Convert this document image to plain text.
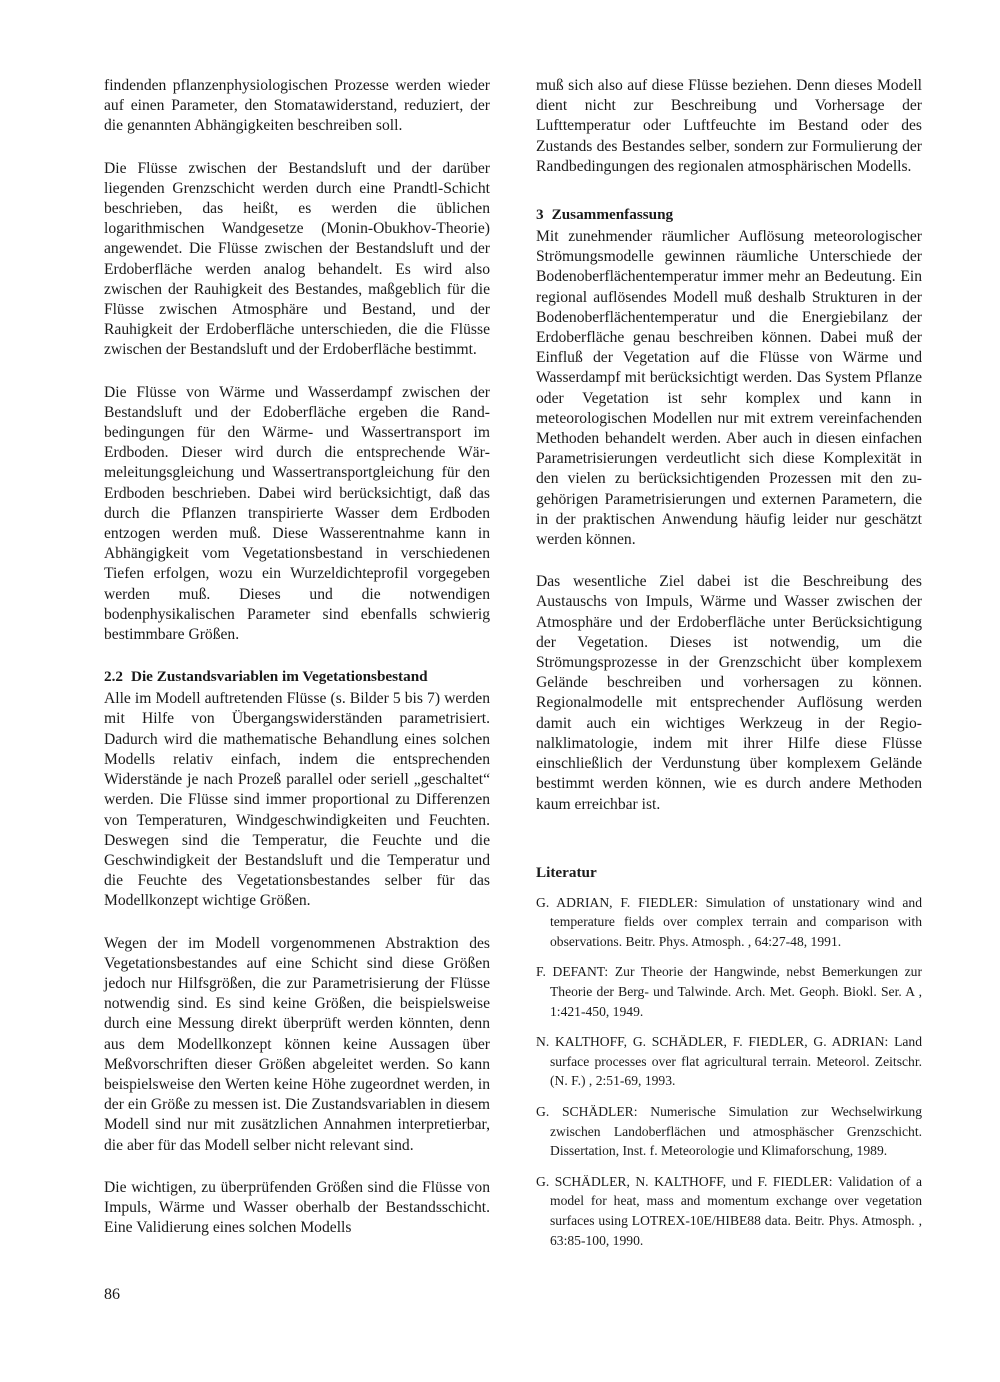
findenden pflanzenphysiologischen Prozesse werden wieder auf einen Parameter, den Stomatawiderstand, reduziert, der die genannten Abhängigkeiten beschreiben soll.

Die Flüsse zwischen der Bestandsluft und der darüber liegenden Grenzschicht werden durch eine Prandtl-Schicht beschrieben, das heißt, es werden die üblichen logarithmischen Wandgesetze (Monin-Obukhov-Theorie) angewendet. Die Flüsse zwischen der Bestandsluft und der Erdoberfläche werden analog behandelt. Es wird also zwischen der Rauhigkeit des Bestandes, maßgeblich für die Flüsse zwischen Atmosphäre und Bestand, und der Rauhigkeit der Erdoberfläche unterschieden, die die Flüsse zwischen der Bestandsluft und der Erdoberfläche bestimmt.

Die Flüsse von Wärme und Wasserdampf zwischen der Bestandsluft und der Edoberfläche ergeben die Randbedingungen für den Wärme- und Wassertransport im Erdboden. Dieser wird durch die entsprechende Wärmeleitungsgleichung und Wassertransportgleichung für den Erdboden beschrieben. Dabei wird berücksichtigt, daß das durch die Pflanzen transpirierte Wasser dem Erdboden entzogen werden muß. Diese Wasserentnahme kann in Abhängigkeit vom Vegetationsbestand in verschiedenen Tiefen erfolgen, wozu ein Wurzeldichteprofil vorgegeben werden muß. Dieses und die notwendigen bodenphysikalischen Parameter sind ebenfalls schwierig bestimmbare Größen.

2.2 Die Zustandsvariablen im Vegetationsbestand

Alle im Modell auftretenden Flüsse (s. Bilder 5 bis 7) werden mit Hilfe von Übergangswiderständen parametrisiert. Dadurch wird die mathematische Behandlung eines solchen Modells relativ einfach, indem die entsprechenden Widerstände je nach Prozeß parallel oder seriell „geschaltet“ werden. Die Flüsse sind immer proportional zu Differenzen von Temperaturen, Windgeschwindigkeiten und Feuchten. Deswegen sind die Temperatur, die Feuchte und die Geschwindigkeit der Bestandsluft und die Temperatur und die Feuchte des Vegetationsbestandes selber für das Modellkonzept wichtige Größen.

Wegen der im Modell vorgenommenen Abstraktion des Vegetationsbestandes auf eine Schicht sind diese Größen jedoch nur Hilfsgrößen, die zur Parametrisierung der Flüsse notwendig sind. Es sind keine Größen, die beispielsweise durch eine Messung direkt überprüft werden könnten, denn aus dem Modellkonzept können keine Aussagen über Meßvorschriften dieser Größen abgeleitet werden. So kann beispielsweise den Werten keine Höhe zugeordnet werden, in der ein Größe zu messen ist. Die Zustandsvariablen in diesem Modell sind nur mit zusätzlichen Annahmen interpretierbar, die aber für das Modell selber nicht relevant sind.

Die wichtigen, zu überprüfenden Größen sind die Flüsse von Impuls, Wärme und Wasser oberhalb der Bestandsschicht. Eine Validierung eines solchen Modells

muß sich also auf diese Flüsse beziehen. Denn dieses Modell dient nicht zur Beschreibung und Vorhersage der Lufttemperatur oder Luftfeuchte im Bestand oder des Zustands des Bestandes selber, sondern zur Formulierung der Randbedingungen des regionalen atmosphärischen Modells.

3 Zusammenfassung

Mit zunehmender räumlicher Auflösung meteorologischer Strömungsmodelle gewinnen räumliche Unterschiede der Bodenoberflächentemperatur immer mehr an Bedeutung. Ein regional auflösendes Modell muß deshalb Strukturen in der Bodenoberflächentemperatur und die Energiebilanz der Erdoberfläche genau beschreiben können. Dabei muß der Einfluß der Vegetation auf die Flüsse von Wärme und Wasserdampf mit berücksichtigt werden. Das System Pflanze oder Vegetation ist sehr komplex und kann in meteorologischen Modellen nur mit extrem vereinfachenden Methoden behandelt werden. Aber auch in diesen einfachen Parametrisierungen verdeutlicht sich diese Komplexität in den vielen zu berücksichtigenden Prozessen mit den zugehörigen Parametrisierungen und externen Parametern, die in der praktischen Anwendung häufig leider nur geschätzt werden können.

Das wesentliche Ziel dabei ist die Beschreibung des Austauschs von Impuls, Wärme und Wasser zwischen der Atmosphäre und der Erdoberfläche unter Berücksichtigung der Vegetation. Dieses ist notwendig, um die Strömungsprozesse in der Grenzschicht über komplexem Gelände beschreiben und vorhersagen zu können. Regionalmodelle mit entsprechender Auflösung werden damit auch ein wichtiges Werkzeug in der Regionalklimatologie, indem mit ihrer Hilfe diese Flüsse einschließlich der Verdunstung über komplexem Gelände bestimmt werden können, wie es durch andere Methoden kaum erreichbar ist.

Literatur
G. ADRIAN, F. FIEDLER: Simulation of unstationary wind and temperature fields over complex terrain and comparison with observations. Beitr. Phys. Atmosph. , 64:27-48, 1991.
F. DEFANT: Zur Theorie der Hangwinde, nebst Bemerkungen zur Theorie der Berg- und Talwinde. Arch. Met. Geoph. Biokl. Ser. A , 1:421-450, 1949.
N. KALTHOFF, G. SCHÄDLER, F. FIEDLER, G. ADRIAN: Land surface processes over flat agricultural terrain. Meteorol. Zeitschr. (N. F.) , 2:51-69, 1993.
G. SCHÄDLER: Numerische Simulation zur Wechselwirkung zwischen Landoberflächen und atmosphäscher Grenzschicht. Dissertation, Inst. f. Meteorologie und Klimaforschung, 1989.
G. SCHÄDLER, N. KALTHOFF, und F. FIEDLER: Validation of a model for heat, mass and momentum exchange over vegetation surfaces using LOTREX-10E/HIBE88 data. Beitr. Phys. Atmosph. , 63:85-100, 1990.
86
